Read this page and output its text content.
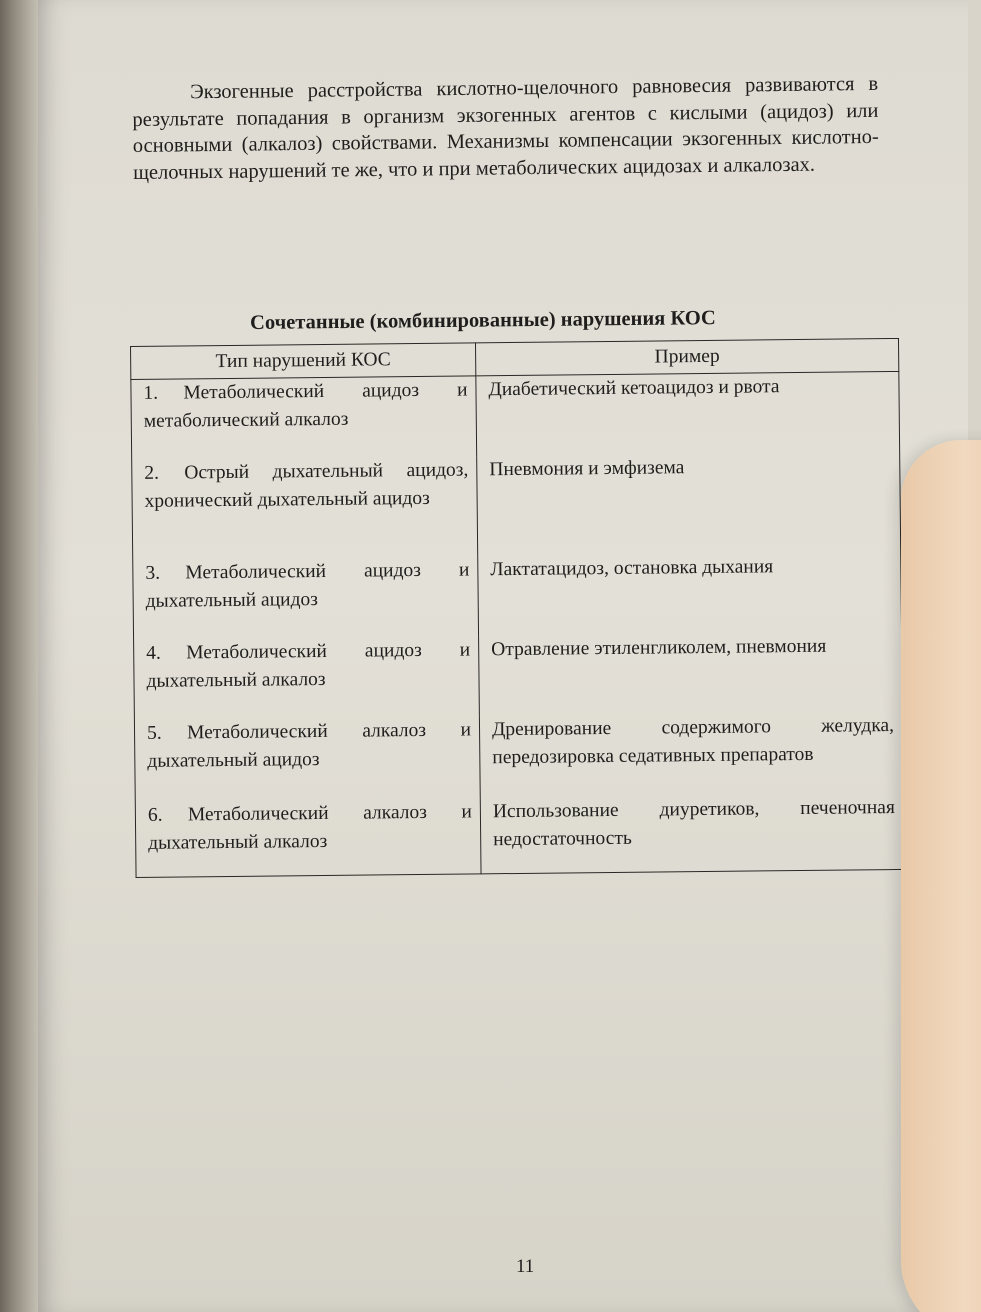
Экзогенные расстройства кислотно-щелочного равновесия развиваются в результате попадания в организм экзогенных агентов с кислыми (ацидоз) или основными (алкалоз) свойствами. Механизмы компенсации экзогенных кислотно-щелочных нарушений те же, что и при метаболических ацидозах и алкалозах.

Сочетанные (комбинированные) нарушения КОС

Тип нарушений КОС	Пример
1. Метаболический ацидоз и метаболический алкалоз	Диабетический кетоацидоз и рвота
2. Острый дыхательный ацидоз, хронический дыхательный ацидоз	Пневмония и эмфизема
3. Метаболический ацидоз и дыхательный ацидоз	Лактатацидоз, остановка дыхания
4. Метаболический ацидоз и дыхательный алкалоз	Отравление этиленгликолем, пневмония
5. Метаболический алкалоз и дыхательный ацидоз	Дренирование содержимого желудка, передозировка седативных препаратов
6. Метаболический алкалоз и дыхательный алкалоз	Использование диуретиков, печеночная недостаточность

11
